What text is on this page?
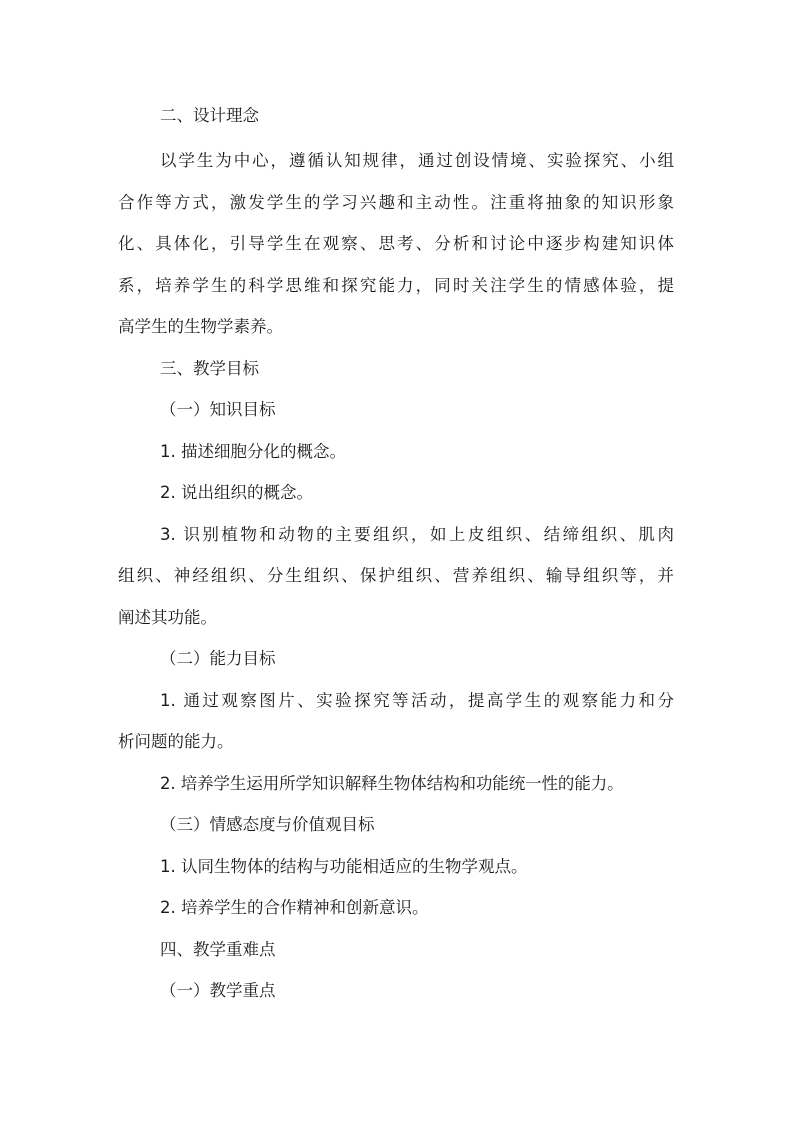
二、设计理念

以学生为中心，遵循认知规律，通过创设情境、实验探究、小组

合作等方式，激发学生的学习兴趣和主动性。注重将抽象的知识形象

化、具体化，引导学生在观察、思考、分析和讨论中逐步构建知识体

系，培养学生的科学思维和探究能力，同时关注学生的情感体验，提

高学生的生物学素养。

三、教学目标

（一）知识目标

1. 描述细胞分化的概念。

2. 说出组织的概念。

3. 识别植物和动物的主要组织，如上皮组织、结缔组织、肌肉

组织、神经组织、分生组织、保护组织、营养组织、输导组织等，并

阐述其功能。

（二）能力目标

1. 通过观察图片、实验探究等活动，提高学生的观察能力和分

析问题的能力。

2. 培养学生运用所学知识解释生物体结构和功能统一性的能力。

（三）情感态度与价值观目标

1. 认同生物体的结构与功能相适应的生物学观点。

2. 培养学生的合作精神和创新意识。

四、教学重难点

（一）教学重点
